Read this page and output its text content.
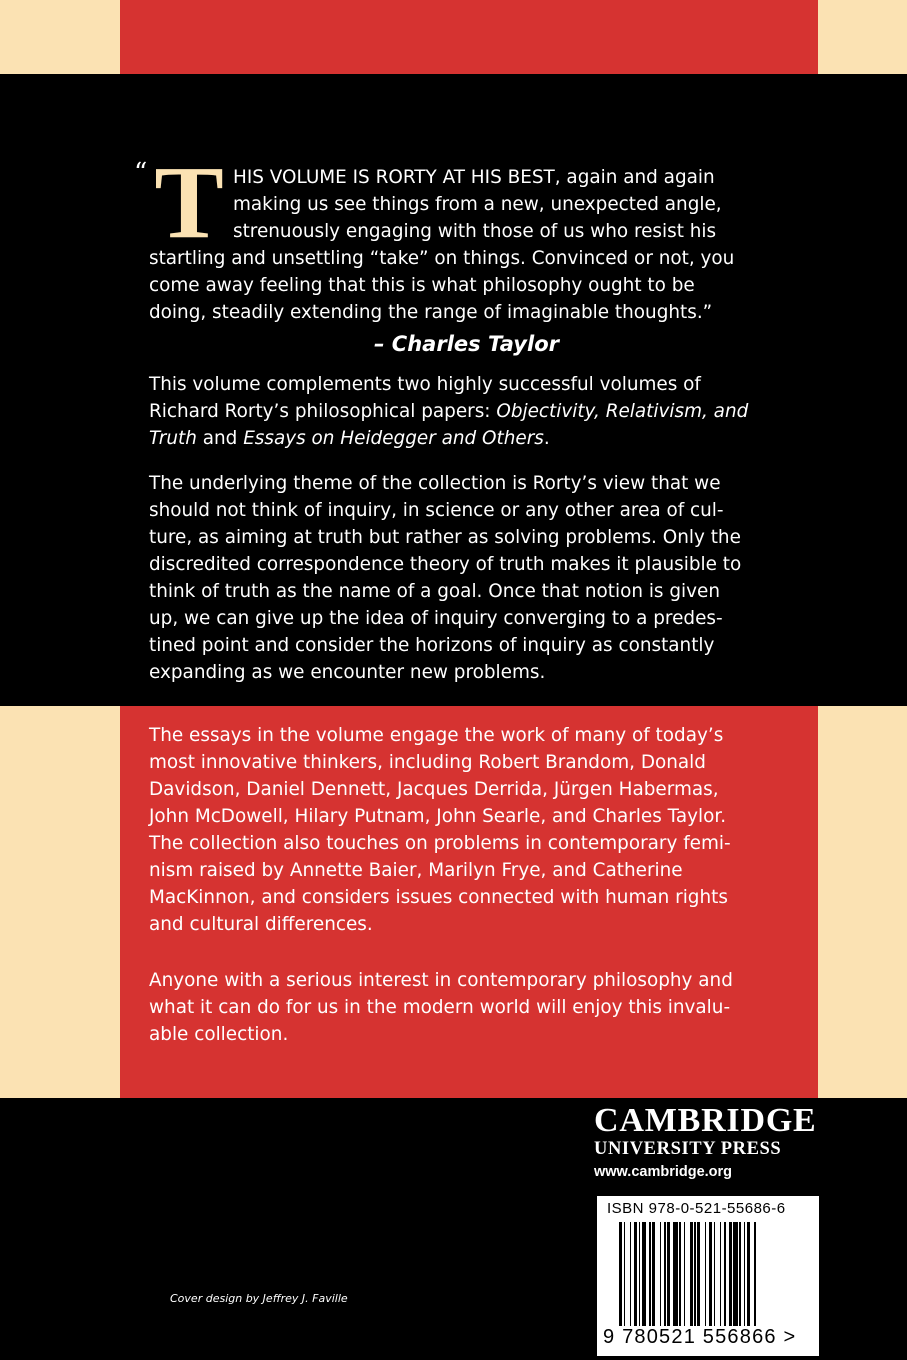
“ T HIS VOLUME IS RORTY AT HIS BEST, again and again
making us see things from a new, unexpected angle,
strenuously engaging with those of us who resist his
startling and unsettling “take” on things. Convinced or not, you
come away feeling that this is what philosophy ought to be
doing, steadily extending the range of imaginable thoughts.”
– Charles Taylor
This volume complements two highly successful volumes of
Richard Rorty’s philosophical papers: Objectivity, Relativism, and
Truth and Essays on Heidegger and Others.
The underlying theme of the collection is Rorty’s view that we
should not think of inquiry, in science or any other area of cul-
ture, as aiming at truth but rather as solving problems. Only the
discredited correspondence theory of truth makes it plausible to
think of truth as the name of a goal. Once that notion is given
up, we can give up the idea of inquiry converging to a predes-
tined point and consider the horizons of inquiry as constantly
expanding as we encounter new problems.
The essays in the volume engage the work of many of today’s
most innovative thinkers, including Robert Brandom, Donald
Davidson, Daniel Dennett, Jacques Derrida, Jürgen Habermas,
John McDowell, Hilary Putnam, John Searle, and Charles Taylor.
The collection also touches on problems in contemporary femi-
nism raised by Annette Baier, Marilyn Frye, and Catherine
MacKinnon, and considers issues connected with human rights
and cultural differences.
Anyone with a serious interest in contemporary philosophy and
what it can do for us in the modern world will enjoy this invalu-
able collection.
CAMBRIDGE
UNIVERSITY PRESS
www.cambridge.org
ISBN 978-0-521-55686-6
9 780521 556866 >
Cover design by Jeffrey J. Faville
